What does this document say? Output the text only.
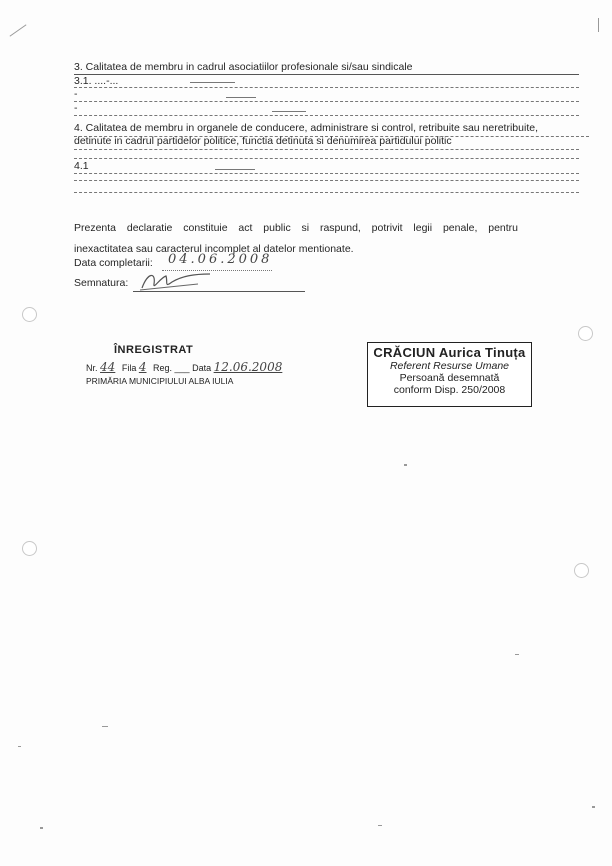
3. Calitatea de membru in cadrul asociatiilor profesionale si/sau sindicale
3.1. ....-...
-
-
4. Calitatea de membru in organele de conducere, administrare si control, retribuite sau neretribuite,
detinute in cadrul partidelor politice, functia detinuta si denumirea partidului politic
4.1
Prezenta declaratie constituie act public si raspund, potrivit legii penale, pentru
inexactitatea sau caracterul incomplet al datelor mentionate.
Data completarii: 04.06.2008
Semnatura:
ÎNREGISTRAT
Nr. 44 Fila 4 Reg. ___ Data 12.06.2008
PRIMĂRIA MUNICIPIULUI ALBA IULIA
CRĂCIUN Aurica Tinuța
Referent Resurse Umane
Persoană desemnată
conform Disp. 250/2008
